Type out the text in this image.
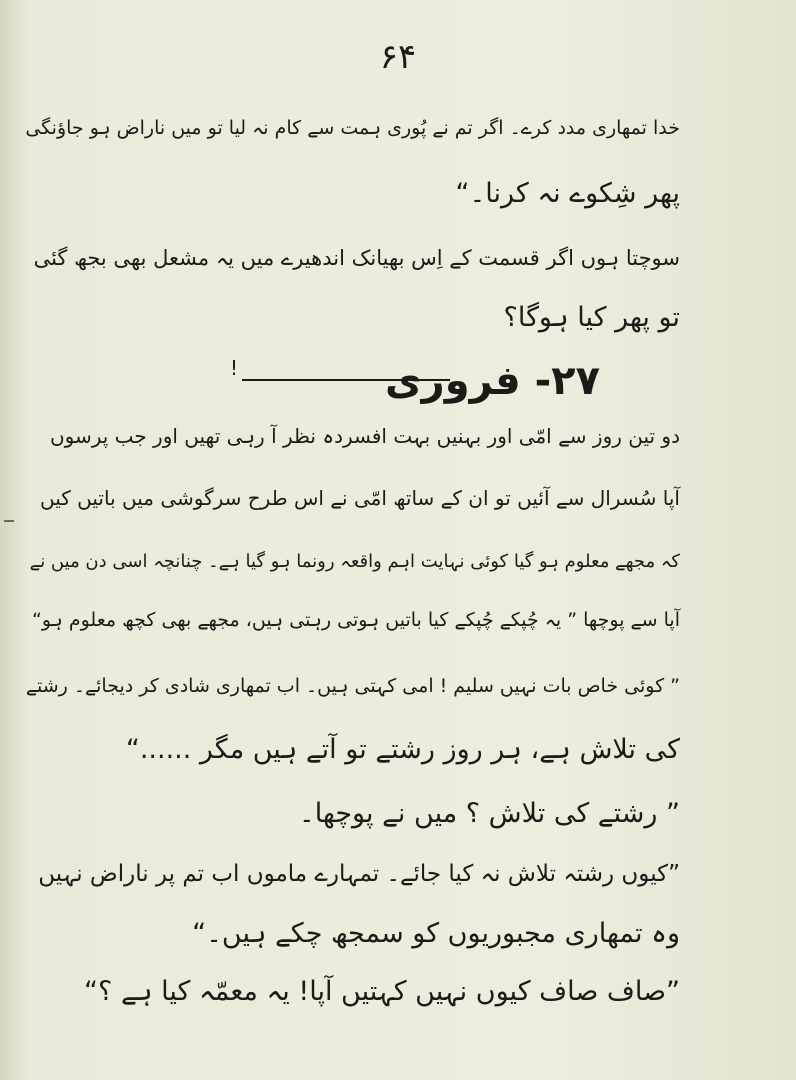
۶۴
خدا تمھاری مدد کرے۔ اگر تم نے پُوری ہمت سے کام نہ لیا تو میں ناراض ہو جاؤنگی
پھر شِکوے نہ کرنا۔“
سوچتا ہوں اگر قسمت کے اِس بھیانک اندھیرے میں یہ مشعل بھی بجھ گئی
تو پھر کیا ہوگا؟
۲۷- فروری
!
دو تین روز سے امّی اور بہنیں بہت افسردہ نظر آ رہی تھیں اور جب پرسوں
آپا سُسرال سے آئیں تو ان کے ساتھ امّی نے اس طرح سرگوشی میں باتیں کیں
کہ مجھے معلوم ہو گیا کوئی نہایت اہم واقعہ رونما ہو گیا ہے۔ چنانچہ اسی دن میں نے
آپا سے پوچھا ” یہ چُپکے چُپکے کیا باتیں ہوتی رہتی ہیں، مجھے بھی کچھ معلوم ہو“
” کوئی خاص بات نہیں سلیم ! امی کہتی ہیں۔ اب تمھاری شادی کر دیجائے۔ رشتے
کی تلاش ہے، ہر روز رشتے تو آتے ہیں مگر ......“
” رشتے کی تلاش ؟ میں نے پوچھا۔
”کیوں رشتہ تلاش نہ کیا جائے۔ تمہارے ماموں اب تم پر ناراض نہیں
وہ تمھاری مجبوریوں کو سمجھ چکے ہیں۔“
”صاف صاف کیوں نہیں کہتیں آپا! یہ معمّہ کیا ہے ؟“
